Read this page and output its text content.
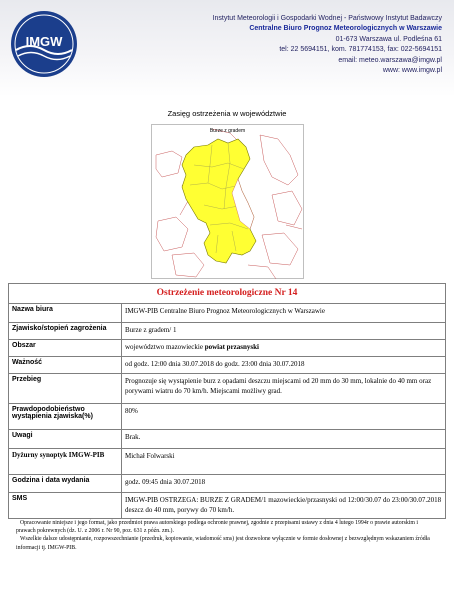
IMGW
Instytut Meteorologii i Gospodarki Wodnej - Państwowy Instytut Badawczy
Centralne Biuro Prognoz Meteorologicznych w Warszawie
01-673 Warszawa ul. Podleśna 61
tel: 22 5694151, kom. 781774153, fax: 022-5694151
email: meteo.warszawa@imgw.pl
www: www.imgw.pl
Zasięg ostrzeżenia w województwie
Burze z gradem
Ostrzeżenie meteorologiczne Nr 14	
Nazwa biura	IMGW-PIB Centralne Biuro Prognoz Meteorologicznych w Warszawie
Zjawisko/stopień zagrożenia	Burze z gradem/ 1
Obszar	województwo mazowieckie powiat przasnyski
Ważność	od godz. 12:00 dnia 30.07.2018 do godz. 23:00 dnia 30.07.2018
Przebieg	Prognozuje się wystąpienie burz z opadami deszczu miejscami od 20 mm do 30 mm, lokalnie do 40 mm oraz porywami wiatru do 70 km/h. Miejscami możliwy grad.
Prawdopodobieństwo wystąpienia zjawiska(%)	80%
Uwagi	Brak.
Dyżurny synoptyk IMGW-PIB	Michał Folwarski
Godzina i data wydania	godz. 09:45 dnia 30.07.2018
SMS	IMGW-PIB OSTRZEGA: BURZE Z GRADEM/1 mazowieckie/przasnyski od 12:00/30.07 do 23:00/30.07.2018 deszcz do 40 mm, porywy do 70 km/h.

Opracowanie niniejsze i jego format, jako przedmiot prawa autorskiego podlega ochronie prawnej, zgodnie z przepisami ustawy z dnia 4 lutego 1994r o prawie autorskim i prawach pokrewnych (dz. U. z 2006 r. Nr 90, poz. 631 z późn. zm.).

Wszelkie dalsze udostępnianie, rozpowszechnianie (przedruk, kopiowanie, wiadomość sms) jest dozwolone wyłącznie w formie dosłownej z bezwzględnym wskazaniem źródła informacji tj. IMGW-PIB.
